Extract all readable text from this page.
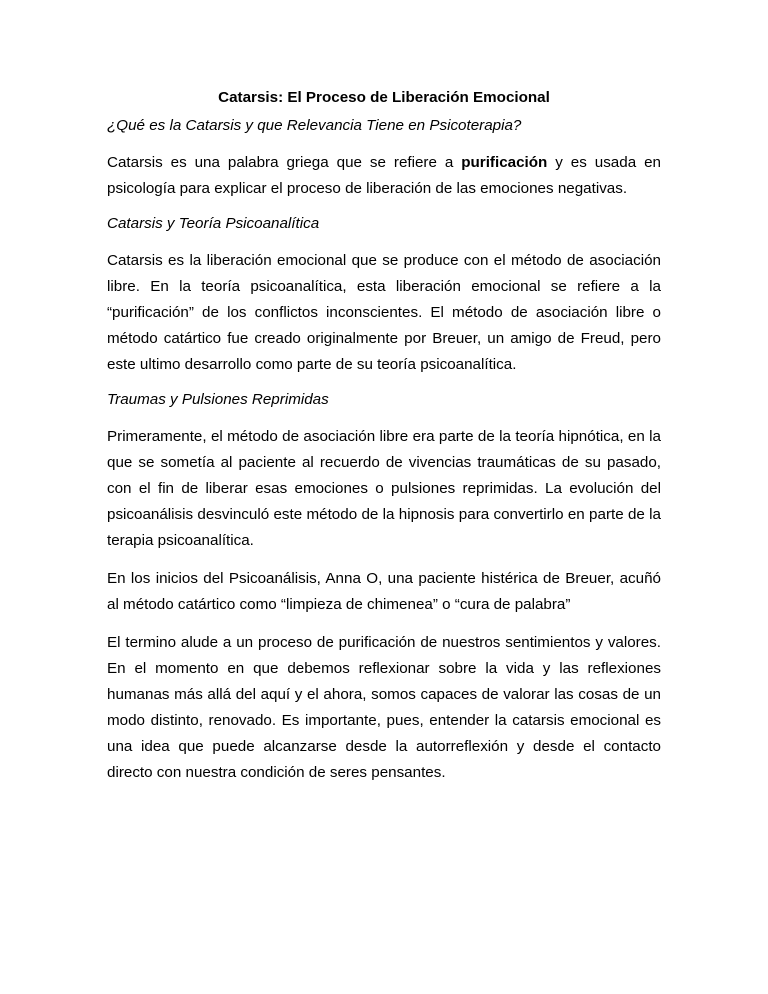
Catarsis: El Proceso de Liberación Emocional

¿Qué es la Catarsis y que Relevancia Tiene en Psicoterapia?

Catarsis es una palabra griega que se refiere a purificación y es usada en psicología para explicar el proceso de liberación de las emociones negativas.

Catarsis y Teoría Psicoanalítica

Catarsis es la liberación emocional que se produce con el método de asociación libre. En la teoría psicoanalítica, esta liberación emocional se refiere a la “purificación” de los conflictos inconscientes. El método de asociación libre o método catártico fue creado originalmente por Breuer, un amigo de Freud, pero este ultimo desarrollo como parte de su teoría psicoanalítica.

Traumas y Pulsiones Reprimidas

Primeramente, el método de asociación libre era parte de la teoría hipnótica, en la que se sometía al paciente al recuerdo de vivencias traumáticas de su pasado, con el fin de liberar esas emociones o pulsiones reprimidas. La evolución del psicoanálisis desvinculó este método de la hipnosis para convertirlo en parte de la terapia psicoanalítica.

En los inicios del Psicoanálisis, Anna O, una paciente histérica de Breuer, acuñó al método catártico como “limpieza de chimenea” o “cura de palabra”

El termino alude a un proceso de purificación de nuestros sentimientos y valores. En el momento en que debemos reflexionar sobre la vida y las reflexiones humanas más allá del aquí y el ahora, somos capaces de valorar las cosas de un modo distinto, renovado. Es importante, pues, entender la catarsis emocional es una idea que puede alcanzarse desde la autorreflexión y desde el contacto directo con nuestra condición de seres pensantes.
